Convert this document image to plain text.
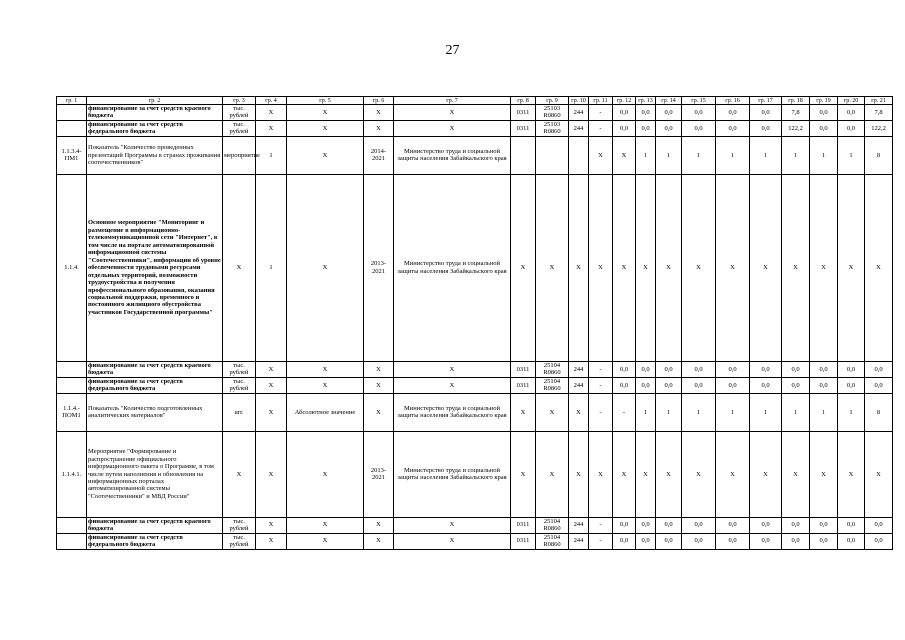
27
гр. 1	гр. 2	гр. 3	гр. 4	гр. 5	гр. 6	гр. 7	гр. 8	гр. 9	гр. 10	гр. 11	гр. 12	гр. 13	гр. 14	гр. 15	гр. 16	гр. 17	гр. 18	гр. 19	гр. 20	гр. 21
	финансирование за счет средств краевого бюджета	тыс. рублей	X	X	X	X	0311	25103 R0860	244	-	0,0	0,0	0,0	0,0	0,0	0,0	7,8	0,0	0,0	7,8
	финансирование за счет средств федерального бюджета	тыс. рублей	X	X	X	X	0311	25103 R0860	244	-	0,0	0,0	0,0	0,0	0,0	0,0	122,2	0,0	0,0	122,2
1.1.3.4-ПМ1	Показатель "Количество проведенных презентаций Программы в странах проживания соотечественников"	мероприятие	1	X	2014-2021	Министерство труда и социальной защиты населения Забайкальского края				X	X	1	1	1	1	1	1	1	1	8
1.1.4.	Основное мероприятие "Мониторинг и размещение в информационно-телекоммуникационной сети "Интернет", в том числе на портале автоматизированной информационной системы "Соотечественники", информации об уровне обеспеченности трудовыми ресурсами отдельных территорий, возможности трудоустройства и получения профессионального образования, оказания социальной поддержки, временного и постоянного жилищного обустройства участников Государственной программы"	X	1	X	2013-2021	Министерство труда и социальной защиты населения Забайкальского края	X	X	X	X	X	X	X	X	X	X	X	X	X	X
	финансирование за счет средств краевого бюджета	тыс. рублей	X	X	X	X	0311	25104 R0860	244	-	0,0	0,0	0,0	0,0	0,0	0,0	0,0	0,0	0,0	0,0
	финансирование за счет средств федерального бюджета	тыс. рублей	X	X	X	X	0311	25104 R0860	244	-	0,0	0,0	0,0	0,0	0,0	0,0	0,0	0,0	0,0	0,0
1.1.4.-ПОМ1	Показатель "Количество подготовленных аналитических материалов"	шт.	X	Абсолютное значение	X	Министерство труда и социальной защиты населения Забайкальского края	X	X	X	-	-	1	1	1	1	1	1	1	1	8
1.1.4.1.	Мероприятие "Формирование и распространение официального информационного пакета о Программе, в том числе путем наполнения и обновления на информационных порталах автоматизированной системы "Соотечественники" и МВД России"	X	X	X	2013-2021	Министерство труда и социальной защиты населения Забайкальского края	X	X	X	X	X	X	X	X	X	X	X	X	X	X
	финансирование за счет средств краевого бюджета	тыс. рублей	X	X	X	X	0311	25104 R0860	244	-	0,0	0,0	0,0	0,0	0,0	0,0	0,0	0,0	0,0	0,0
	финансирование за счет средств федерального бюджета	тыс. рублей	X	X	X	X	0311	25104 R0860	244	-	0,0	0,0	0,0	0,0	0,0	0,0	0,0	0,0	0,0	0,0
